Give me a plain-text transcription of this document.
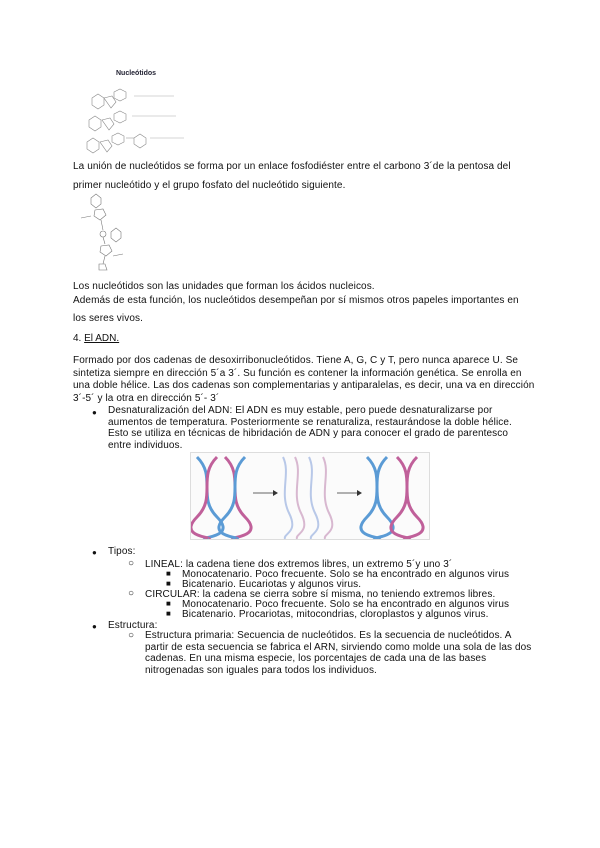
Nucleótidos
La unión de nucleótidos se forma por un enlace fosfodiéster entre el carbono 3´de la pentosa del
primer nucleótido y el grupo fosfato del nucleótido siguiente.
Los nucleótidos son las unidades que forman los ácidos nucleicos.
Además de esta función, los nucleótidos desempeñan por sí mismos otros papeles importantes en
los seres vivos.
4. El ADN.
Formado por dos cadenas de desoxirribonucleótidos. Tiene A, G, C y T, pero nunca aparece U. Se
sintetiza siempre en dirección 5´a 3´. Su función es contener la información genética. Se enrolla en
una doble hélice. Las dos cadenas son complementarias y antiparalelas, es decir, una va en dirección
3´-5´ y la otra en dirección 5´- 3´
● Desnaturalización del ADN: El ADN es muy estable, pero puede desnaturalizarse por
aumentos de temperatura. Posteriormente se renaturaliza, restaurándose la doble hélice.
Esto se utiliza en técnicas de hibridación de ADN y para conocer el grado de parentesco
entre individuos.
● Tipos:
○ LINEAL: la cadena tiene dos extremos libres, un extremo 5´y uno 3´
■ Monocatenario. Poco frecuente. Solo se ha encontrado en algunos virus
■ Bicatenario. Eucariotas y algunos virus.
○ CIRCULAR: la cadena se cierra sobre sí misma, no teniendo extremos libres.
■ Monocatenario. Poco frecuente. Solo se ha encontrado en algunos virus
■ Bicatenario. Procariotas, mitocondrias, cloroplastos y algunos virus.
● Estructura:
○ Estructura primaria: Secuencia de nucleótidos. Es la secuencia de nucleótidos. A
partir de esta secuencia se fabrica el ARN, sirviendo como molde una sola de las dos
cadenas. En una misma especie, los porcentajes de cada una de las bases
nitrogenadas son iguales para todos los individuos.
